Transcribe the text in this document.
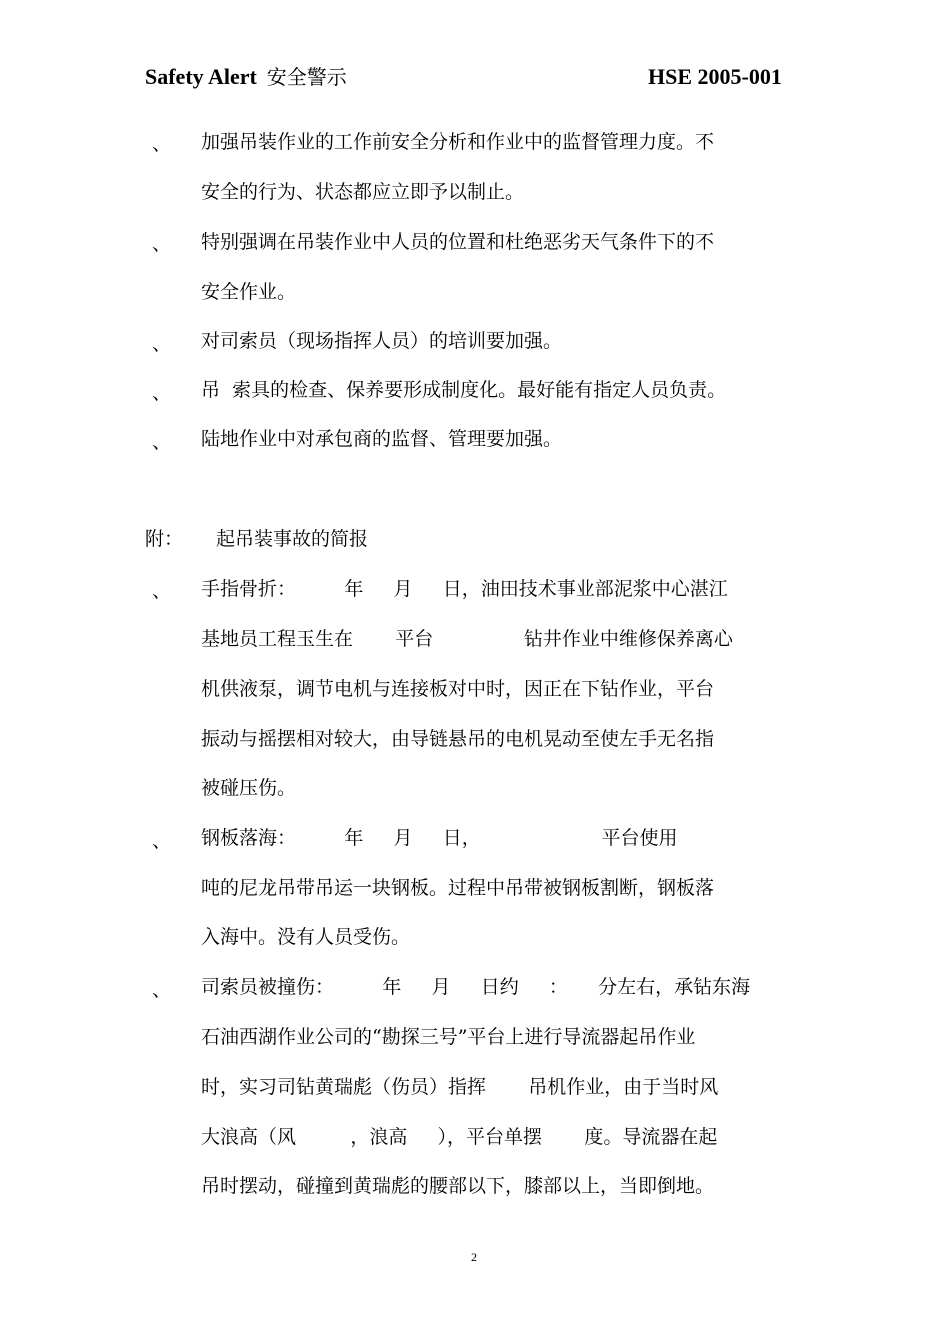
Safety Alert 安全警示	HSE 2005-001
、 加强吊装作业的工作前安全分析和作业中的监督管理力度。不
安全的行为、状态都应立即予以制止。
、 特别强调在吊装作业中人员的位置和杜绝恶劣天气条件下的不
安全作业。
、 对司索员（现场指挥人员）的培训要加强。
、 吊  索具的检查、保养要形成制度化。最好能有指定人员负责。
、 陆地作业中对承包商的监督、管理要加强。
附： 起吊装事故的简报
、 手指骨折：        年     月     日，油田技术事业部泥浆中心湛江
基地员工程玉生在       平台               钻井作业中维修保养离心
机供液泵，调节电机与连接板对中时，因正在下钻作业，平台
振动与摇摆相对较大，由导链悬吊的电机晃动至使左手无名指
被碰压伤。
、 钢板落海：        年     月     日，                    平台使用
吨的尼龙吊带吊运一块钢板。过程中吊带被钢板割断，钢板落
入海中。没有人员受伤。
、 司索员被撞伤：        年     月     日约     ：     分左右，承钻东海
石油西湖作业公司的“勘探三号”平台上进行导流器起吊作业
时，实习司钻黄瑞彪（伤员）指挥       吊机作业，由于当时风
大浪高（风         ，浪高     ），平台单摆       度。导流器在起
吊时摆动，碰撞到黄瑞彪的腰部以下，膝部以上，当即倒地。
2
